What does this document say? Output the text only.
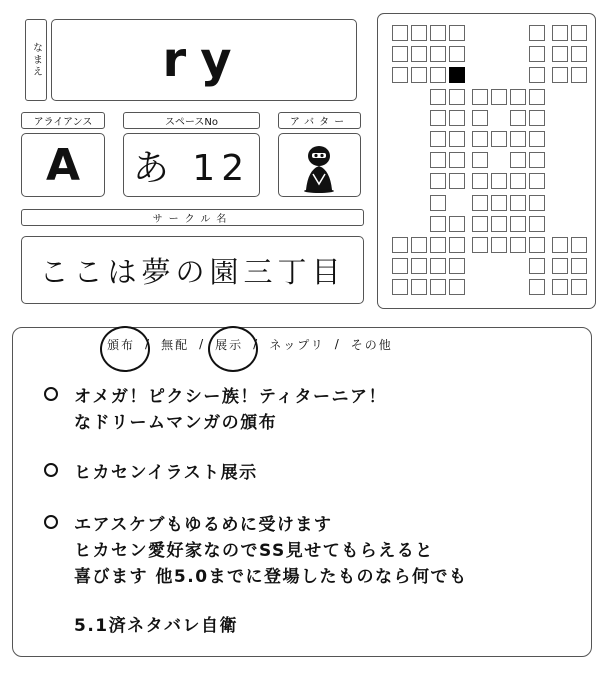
なまえ	ry
アライアンス
A
スペースNo
あ 12
アバター
サークル名
ここは夢の園三丁目
頒布 / 無配 / 展示 / ネップリ / その他
オメガ！ピクシー族！ティターニア！
なドリームマンガの頒布
ヒカセンイラスト展示
エアスケブもゆるめに受けます
ヒカセン愛好家なのでSS見せてもらえると
喜びます 他5.0までに登場したものなら何でも
5.1済ネタバレ自衛
